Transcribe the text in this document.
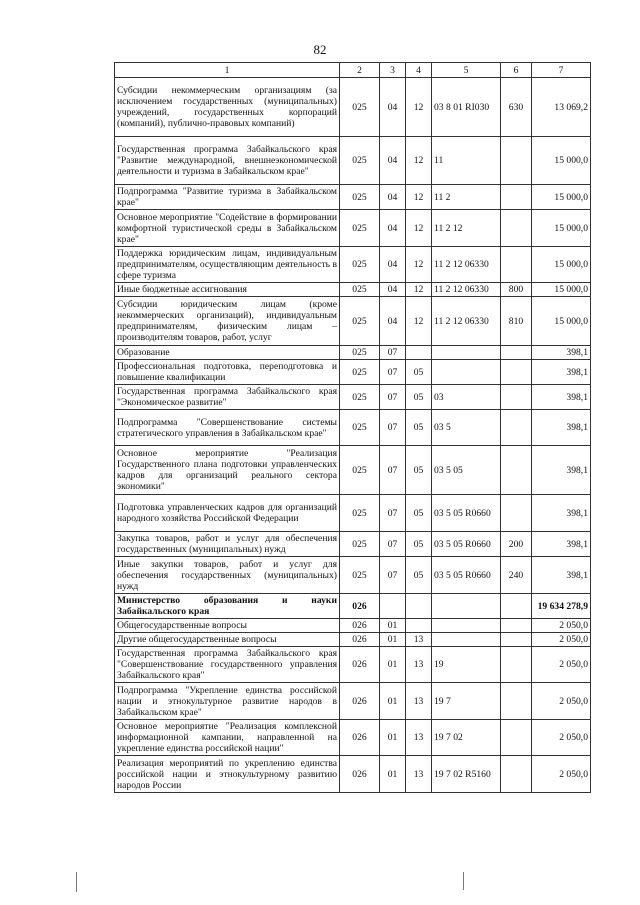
82
1	2	3	4	5	6	7
Субсидии некоммерческим организациям (за исключением государственных (муниципальных) учреждений, государственных корпораций (компаний), публично-правовых компаний)	025	04	12	03 8 01 RI030	630	13 069,2
Государственная программа Забайкальского края "Развитие международной, внешнеэкономической деятельности и туризма в Забайкальском крае"	025	04	12	11		15 000,0
Подпрограмма "Развитие туризма в Забайкальском крае"	025	04	12	11 2		15 000,0
Основное мероприятие "Содействие в формировании комфортной туристической среды в Забайкальском крае"	025	04	12	11 2 12		15 000,0
Поддержка юридическим лицам, индивидуальным предпринимателям, осуществляющим деятельность в сфере туризма	025	04	12	11 2 12 06330		15 000,0
Иные бюджетные ассигнования	025	04	12	11 2 12 06330	800	15 000,0
Субсидии юридическим лицам (кроме некоммерческих организаций), индивидуальным предпринимателям, физическим лицам – производителям товаров, работ, услуг	025	04	12	11 2 12 06330	810	15 000,0
Образование	025	07				398,1
Профессиональная подготовка, переподготовка и повышение квалификации	025	07	05			398,1
Государственная программа Забайкальского края "Экономическое развитие"	025	07	05	03		398,1
Подпрограмма "Совершенствование системы стратегического управления в Забайкальском крае"	025	07	05	03 5		398,1
Основное мероприятие "Реализация Государственного плана подготовки управленческих кадров для организаций реального сектора экономики"	025	07	05	03 5 05		398,1
Подготовка управленческих кадров для организаций народного хозяйства Российской Федерации	025	07	05	03 5 05 R0660		398,1
Закупка товаров, работ и услуг для обеспечения государственных (муниципальных) нужд	025	07	05	03 5 05 R0660	200	398,1
Иные закупки товаров, работ и услуг для обеспечения государственных (муниципальных) нужд	025	07	05	03 5 05 R0660	240	398,1
Министерство образования и науки Забайкальского края	026					19 634 278,9
Общегосударственные вопросы	026	01				2 050,0
Другие общегосударственные вопросы	026	01	13			2 050,0
Государственная программа Забайкальского края "Совершенствование государственного управления Забайкальского края"	026	01	13	19		2 050,0
Подпрограмма "Укрепление единства российской нации и этнокультурное развитие народов в Забайкальском крае"	026	01	13	19 7		2 050,0
Основное мероприятие "Реализация комплексной информационной кампании, направленной на укрепление единства российской нации"	026	01	13	19 7 02		2 050,0
Реализация мероприятий по укреплению единства российской нации и этнокультурному развитию народов России	026	01	13	19 7 02 R5160		2 050,0
